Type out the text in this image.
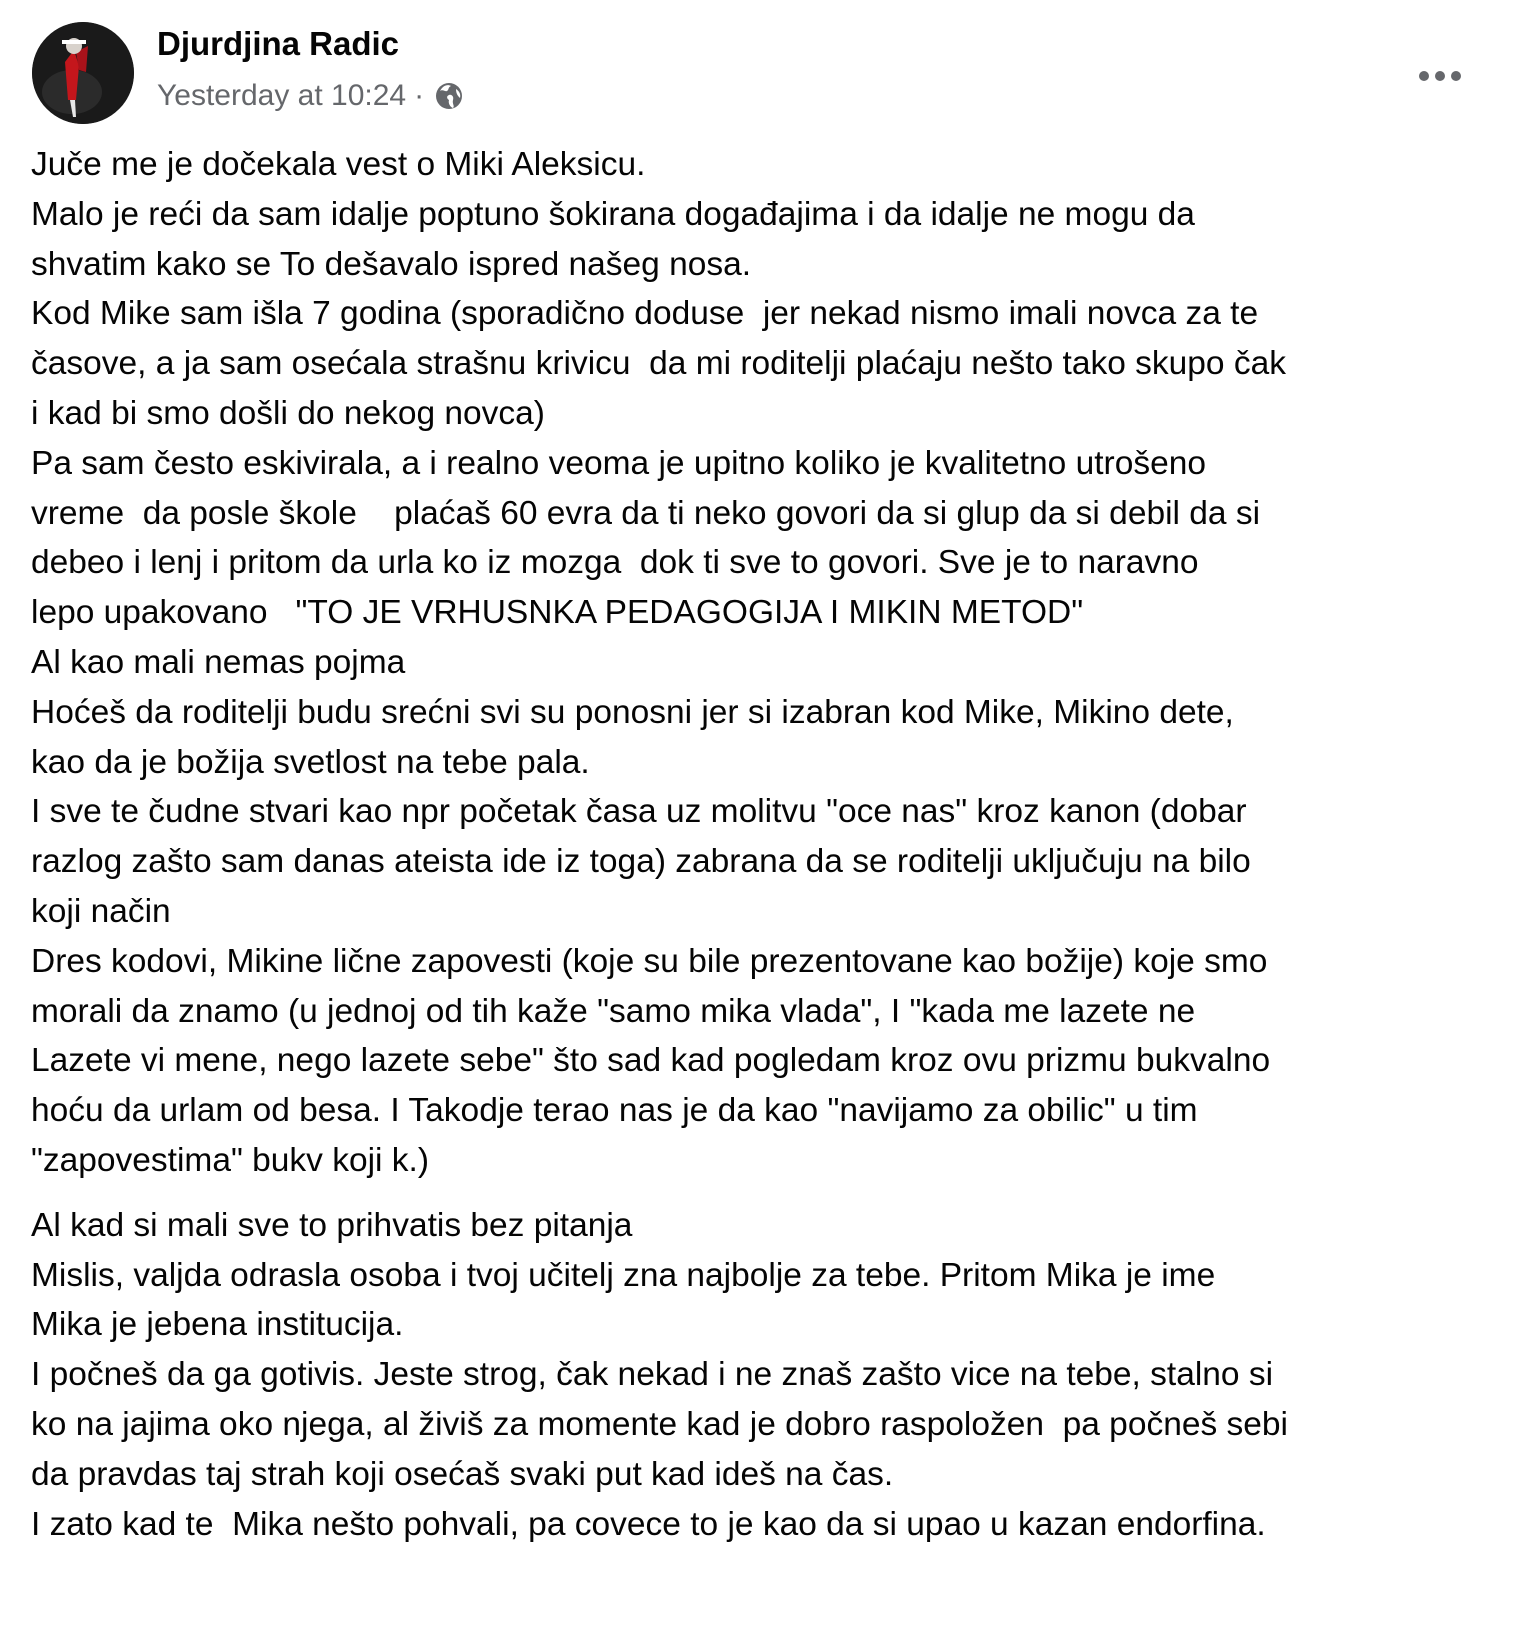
Djurdjina Radic
Yesterday at 10:24 ·
Juče me je dočekala vest o Miki Aleksicu.
Malo je reći da sam idalje poptuno šokirana događajima i da idalje ne mogu da
shvatim kako se To dešavalo ispred našeg nosa.
Kod Mike sam išla 7 godina (sporadično doduse  jer nekad nismo imali novca za te
časove, a ja sam osećala strašnu krivicu  da mi roditelji plaćaju nešto tako skupo čak
i kad bi smo došli do nekog novca)
Pa sam često eskivirala, a i realno veoma je upitno koliko je kvalitetno utrošeno
vreme  da posle škole    plaćaš 60 evra da ti neko govori da si glup da si debil da si
debeo i lenj i pritom da urla ko iz mozga  dok ti sve to govori. Sve je to naravno
lepo upakovano   "TO JE VRHUSNKA PEDAGOGIJA I MIKIN METOD"
Al kao mali nemas pojma
Hoćeš da roditelji budu srećni svi su ponosni jer si izabran kod Mike, Mikino dete,
kao da je božija svetlost na tebe pala.
I sve te čudne stvari kao npr početak časa uz molitvu "oce nas" kroz kanon (dobar
razlog zašto sam danas ateista ide iz toga) zabrana da se roditelji uključuju na bilo
koji način
Dres kodovi, Mikine lične zapovesti (koje su bile prezentovane kao božije) koje smo
morali da znamo (u jednoj od tih kaže "samo mika vlada", I "kada me lazete ne
Lazete vi mene, nego lazete sebe" što sad kad pogledam kroz ovu prizmu bukvalno
hoću da urlam od besa. I Takodje terao nas je da kao "navijamo za obilic" u tim
"zapovestima" bukv koji k.)
Al kad si mali sve to prihvatis bez pitanja
Mislis, valjda odrasla osoba i tvoj učitelj zna najbolje za tebe. Pritom Mika je ime
Mika je jebena institucija.
I počneš da ga gotivis. Jeste strog, čak nekad i ne znaš zašto vice na tebe, stalno si
ko na jajima oko njega, al živiš za momente kad je dobro raspoložen  pa počneš sebi
da pravdas taj strah koji osećaš svaki put kad ideš na čas.
I zato kad te  Mika nešto pohvali, pa covece to je kao da si upao u kazan endorfina.
